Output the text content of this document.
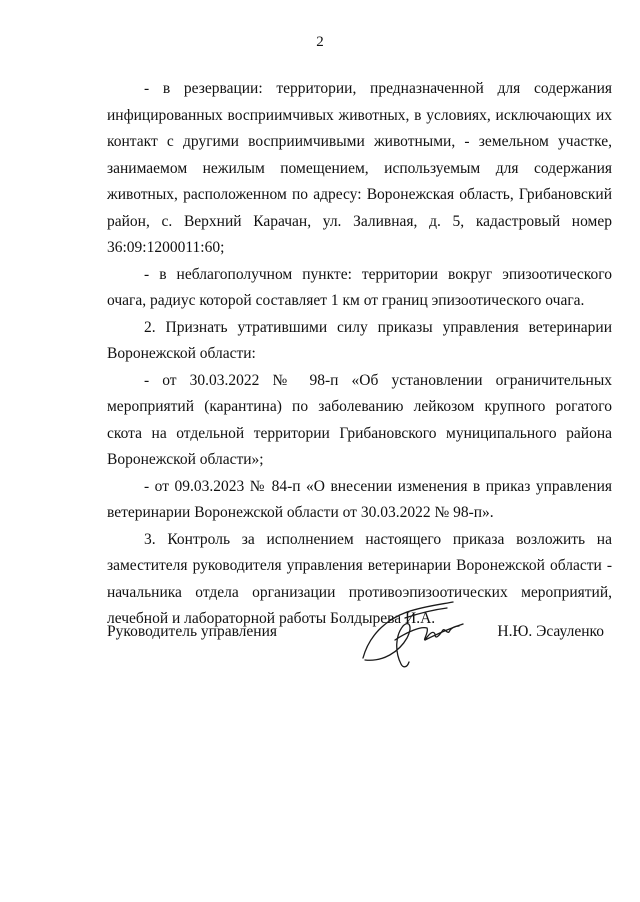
2

- в резервации: территории, предназначенной для содержания инфицированных восприимчивых животных, в условиях, исключающих их контакт с другими восприимчивыми животными, - земельном участке, занимаемом нежилым помещением, используемым для содержания животных, расположенном по адресу: Воронежская область, Грибановский район, с. Верхний Карачан, ул. Заливная, д. 5, кадастровый номер 36:09:1200011:60;

- в неблагополучном пункте: территории вокруг эпизоотического очага, радиус которой составляет 1 км от границ эпизоотического очага.

2. Признать утратившими силу приказы управления ветеринарии Воронежской области:

- от 30.03.2022 № 98-п «Об установлении ограничительных мероприятий (карантина) по заболеванию лейкозом крупного рогатого скота на отдельной территории Грибановского муниципального района Воронежской области»;

- от 09.03.2023 № 84-п «О внесении изменения в приказ управления ветеринарии Воронежской области от 30.03.2022 № 98-п».

3. Контроль за исполнением настоящего приказа возложить на заместителя руководителя управления ветеринарии Воронежской области - начальника отдела организации противоэпизоотических мероприятий, лечебной и лабораторной работы Болдырева И.А.

Руководитель управления	Н.Ю. Эсауленко
